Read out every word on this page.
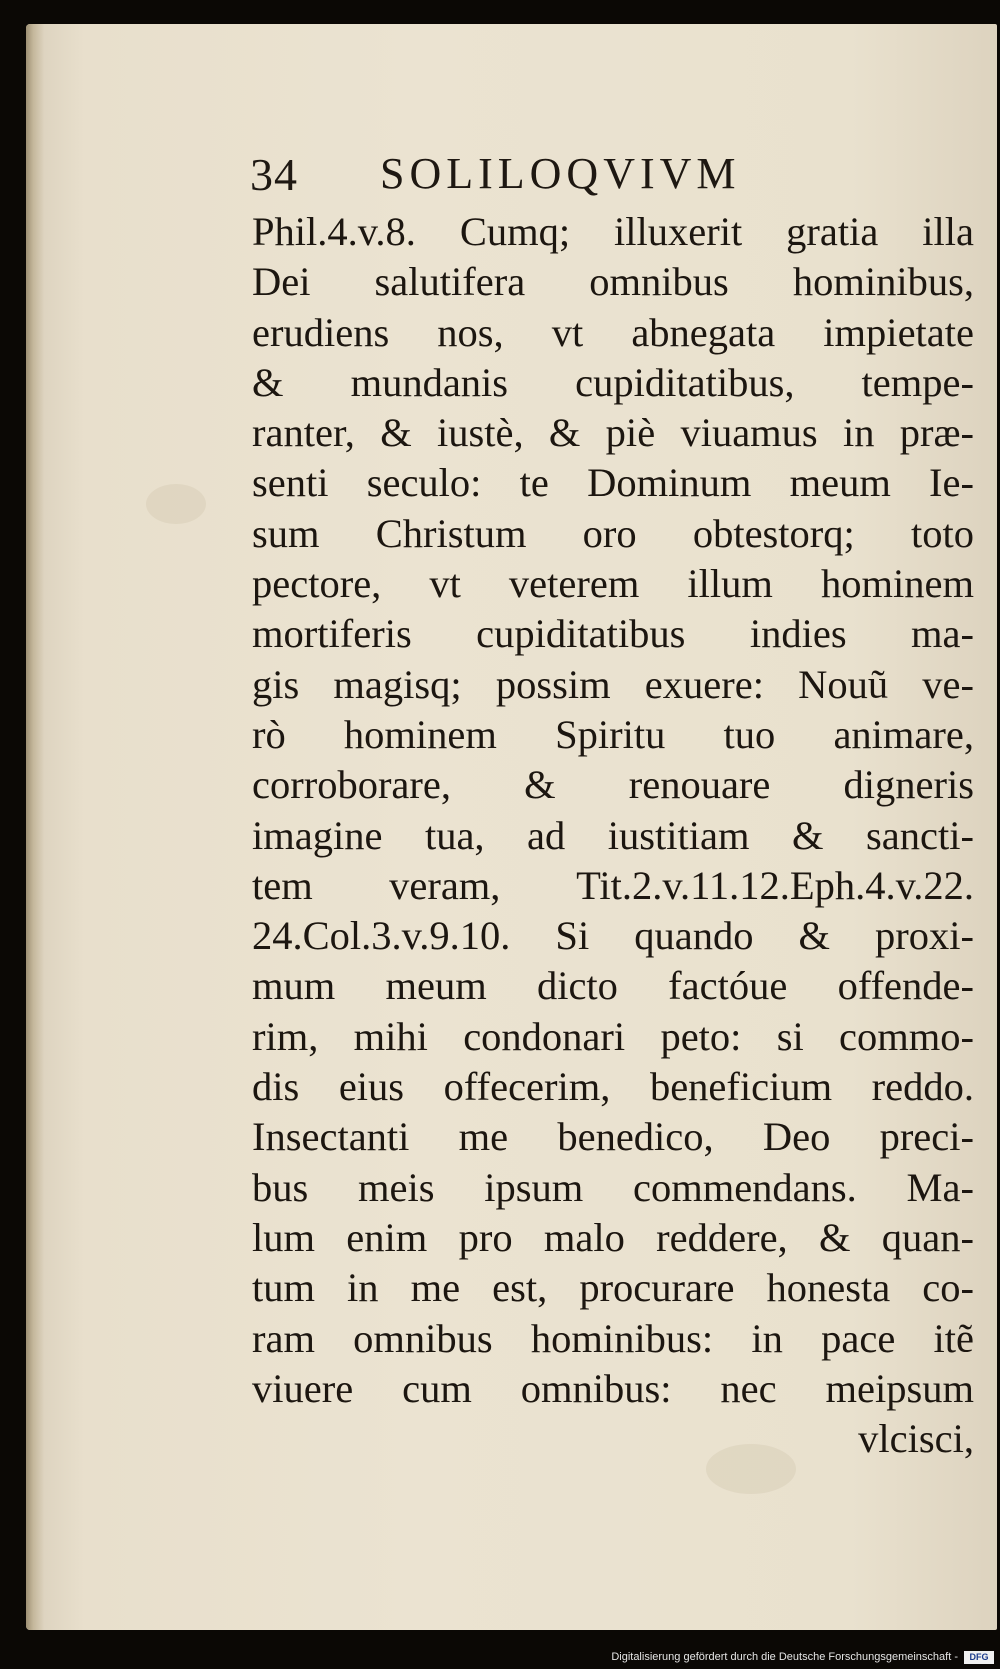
34 SOLILOQVIVM
Phil.4.v.8. Cumq; illuxerit gratia illa
Dei salutifera omnibus hominibus,
erudiens nos, vt abnegata impietate
& mundanis cupiditatibus, tempe-
ranter, & iustè, & piè viuamus in præ-
senti seculo: te Dominum meum Ie-
sum Christum oro obtestorq; toto
pectore, vt veterem illum hominem
mortiferis cupiditatibus indies ma-
gis magisq; possim exuere: Nouũ ve-
rò hominem Spiritu tuo animare,
corroborare, & renouare digneris
imagine tua, ad iustitiam & sancti-
tem veram, Tit.2.v.11.12.Eph.4.v.22.
24.Col.3.v.9.10. Si quando & proxi-
mum meum dicto factóue offende-
rim, mihi condonari peto: si commo-
dis eius offecerim, beneficium reddo.
Insectanti me benedico, Deo preci-
bus meis ipsum commendans. Ma-
lum enim pro malo reddere, & quan-
tum in me est, procurare honesta co-
ram omnibus hominibus: in pace itẽ
viuere cum omnibus: nec meipsum
vlcisci,
Digitalisierung gefördert durch die Deutsche Forschungsgemeinschaft -	DFG
